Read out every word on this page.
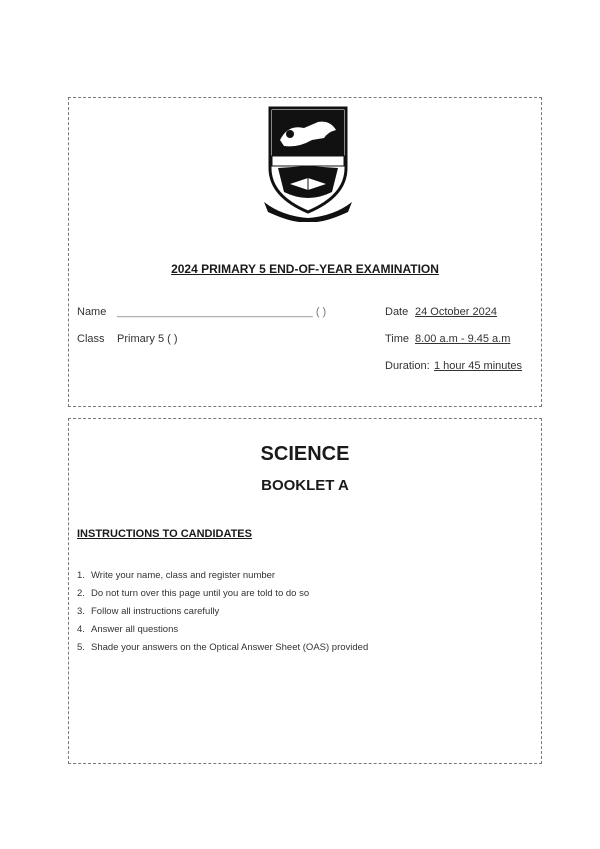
2024 PRIMARY 5 END-OF-YEAR EXAMINATION
Name ________________________________ ( )
Class Primary 5 ( )
Date 24 October 2024
Time 8.00 a.m - 9.45 a.m
Duration: 1 hour 45 minutes
SCIENCE
BOOKLET A
INSTRUCTIONS TO CANDIDATES
1. Write your name, class and register number
2. Do not turn over this page until you are told to do so
3. Follow all instructions carefully
4. Answer all questions
5. Shade your answers on the Optical Answer Sheet (OAS) provided
